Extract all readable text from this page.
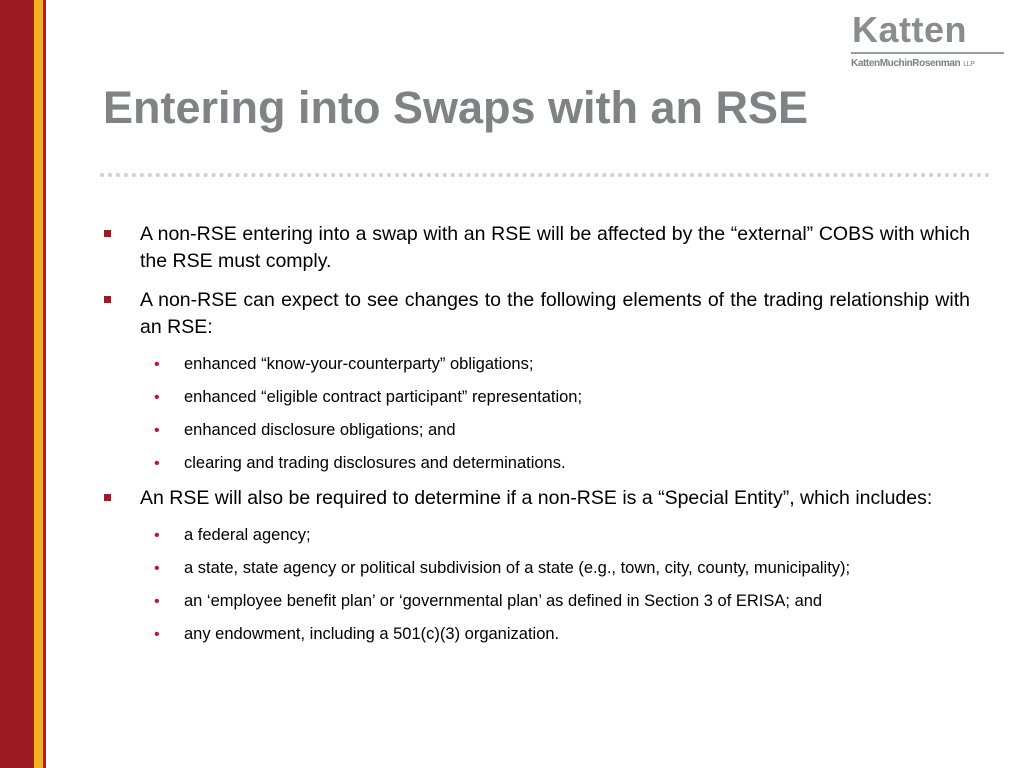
Katten
KattenMuchinRosenman LLP
Entering into Swaps with an RSE
A non-RSE entering into a swap with an RSE will be affected by the “external” COBS with which the RSE must comply.
A non-RSE can expect to see changes to the following elements of the trading relationship with an RSE:
• enhanced “know-your-counterparty” obligations;
• enhanced “eligible contract participant” representation;
• enhanced disclosure obligations; and
• clearing and trading disclosures and determinations.
An RSE will also be required to determine if a non-RSE is a “Special Entity”, which includes:
• a federal agency;
• a state, state agency or political subdivision of a state (e.g., town, city, county, municipality);
• an ‘employee benefit plan’ or ‘governmental plan’ as defined in Section 3 of ERISA; and
• any endowment, including a 501(c)(3) organization.
